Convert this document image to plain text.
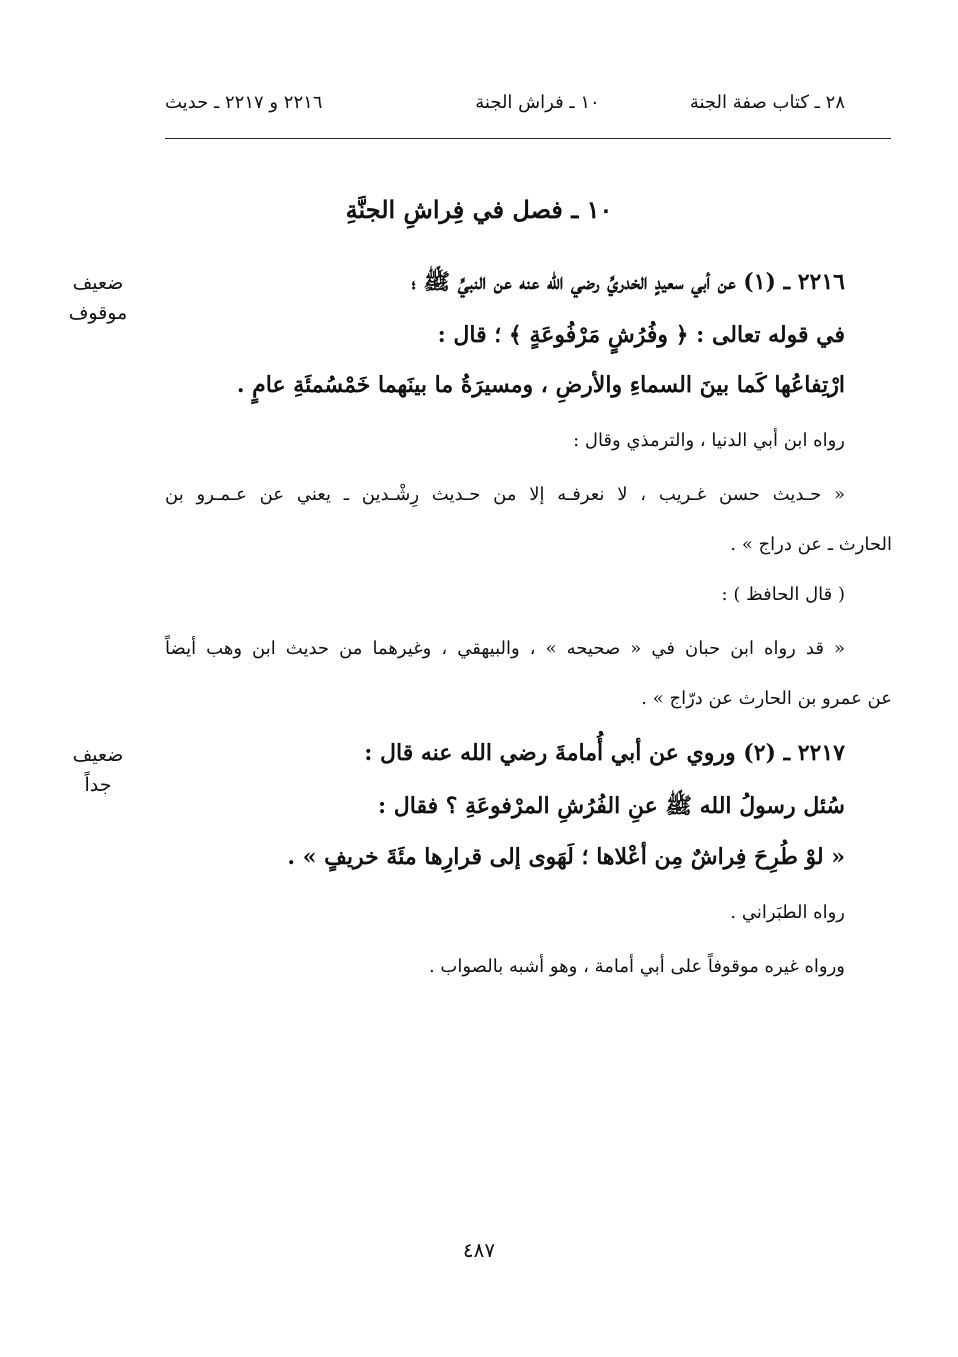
٢٨ ـ كتاب صفة الجنة
١٠ ـ فراش الجنة
٢٢١٦ و ٢٢١٧ ـ حديث
١٠ ـ فصل في فِراشِ الجنَّةِ
ضعيف
موقوف
ضعيف
جداً
٢٢١٦ ـ (١) عن أبي سعيدٍ الخدريِّ رضي الله عنه عن النبيِّ ﷺ ؛
في قوله تعالى : ﴿ وفُرُشٍ مَرْفُوعَةٍ ﴾ ؛ قال :
ارْتِفاعُها كَما بينَ السماءِ والأرضِ ، ومسيرَةُ ما بينَهما خَمْسُمئَةِ عامٍ .
رواه ابن أبي الدنيا ، والترمذي وقال :
« حـديث حسن غـريب ، لا نعرفـه إلا من حـديث رِشْـدين ـ يعني عن عـمـرو بن
الحارث ـ عن دراج » .
( قال الحافظ ) :
« قد رواه ابن حبان في « صحيحه » ، والبيهقي ، وغيرهما من حديث ابن وهب أيضاً
عن عمرو بن الحارث عن درّاج » .
٢٢١٧ ـ (٢) وروي عن أبي أُمامةَ رضي الله عنه قال :
سُئل رسولُ الله ﷺ عنِ الفُرُشِ المرْفوعَةِ ؟ فقال :
« لوْ طُرِحَ فِراشٌ مِن أعْلاها ؛ لَهَوى إلى قرارِها مئَةَ خريفٍ » .
رواه الطبَراني .
ورواه غيره موقوفاً على أبي أمامة ، وهو أشبه بالصواب .
٤٨٧
